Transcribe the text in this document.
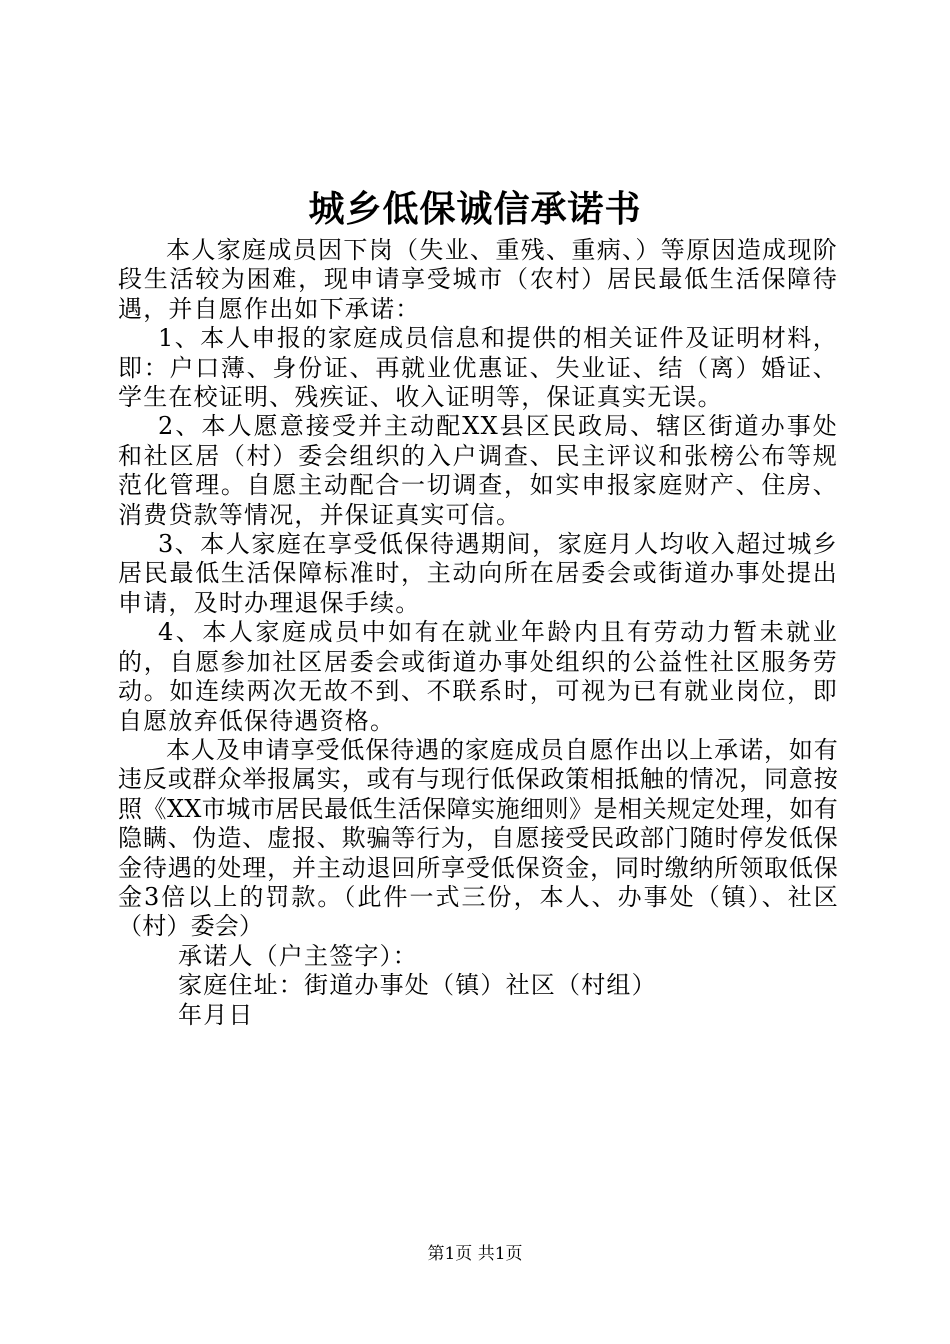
城乡低保诚信承诺书

本人家庭成员因下岗（失业、重残、重病、）等原因造成现阶段生活较为困难，现申请享受城市（农村）居民最低生活保障待遇，并自愿作出如下承诺：

1、本人申报的家庭成员信息和提供的相关证件及证明材料，即：户口薄、身份证、再就业优惠证、失业证、结（离）婚证、学生在校证明、残疾证、收入证明等，保证真实无误。

2、本人愿意接受并主动配XX县区民政局、辖区街道办事处和社区居（村）委会组织的入户调查、民主评议和张榜公布等规范化管理。自愿主动配合一切调查，如实申报家庭财产、住房、消费贷款等情况，并保证真实可信。

3、本人家庭在享受低保待遇期间，家庭月人均收入超过城乡居民最低生活保障标准时，主动向所在居委会或街道办事处提出申请，及时办理退保手续。

4、本人家庭成员中如有在就业年龄内且有劳动力暂未就业的，自愿参加社区居委会或街道办事处组织的公益性社区服务劳动。如连续两次无故不到、不联系时，可视为已有就业岗位，即自愿放弃低保待遇资格。

本人及申请享受低保待遇的家庭成员自愿作出以上承诺，如有违反或群众举报属实，或有与现行低保政策相抵触的情况，同意按照《XX市城市居民最低生活保障实施细则》是相关规定处理，如有隐瞒、伪造、虚报、欺骗等行为，自愿接受民政部门随时停发低保金待遇的处理，并主动退回所享受低保资金，同时缴纳所领取低保金3倍以上的罚款。（此件一式三份，本人、办事处（镇）、社区（村）委会）

承诺人（户主签字）：

家庭住址：街道办事处（镇）社区（村组）

年月日

第1页 共1页
